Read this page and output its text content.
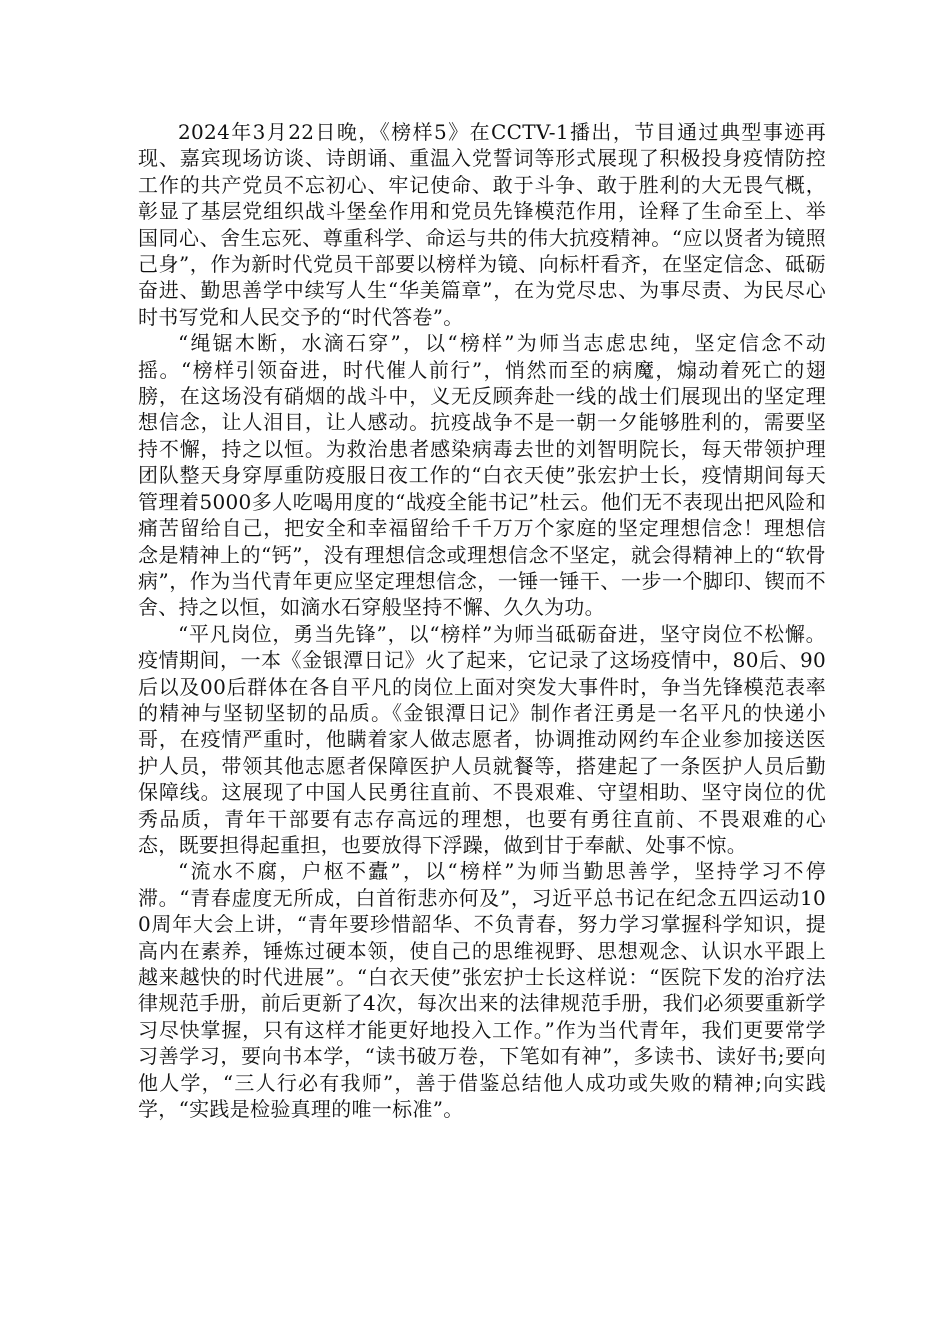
2024年3月22日晚，《榜样5》在CCTV-1播出，节目通过典型事迹再现、嘉宾现场访谈、诗朗诵、重温入党誓词等形式展现了积极投身疫情防控工作的共产党员不忘初心、牢记使命、敢于斗争、敢于胜利的大无畏气概，彰显了基层党组织战斗堡垒作用和党员先锋模范作用，诠释了生命至上、举国同心、舍生忘死、尊重科学、命运与共的伟大抗疫精神。“应以贤者为镜照己身”，作为新时代党员干部要以榜样为镜、向标杆看齐，在坚定信念、砥砺奋进、勤思善学中续写人生“华美篇章”，在为党尽忠、为事尽责、为民尽心时书写党和人民交予的“时代答卷”。

“绳锯木断，水滴石穿”，以“榜样”为师当志虑忠纯，坚定信念不动摇。“榜样引领奋进，时代催人前行”，悄然而至的病魔，煽动着死亡的翅膀，在这场没有硝烟的战斗中，义无反顾奔赴一线的战士们展现出的坚定理想信念，让人泪目，让人感动。抗疫战争不是一朝一夕能够胜利的，需要坚持不懈，持之以恒。为救治患者感染病毒去世的刘智明院长，每天带领护理团队整天身穿厚重防疫服日夜工作的“白衣天使”张宏护士长，疫情期间每天管理着5000多人吃喝用度的“战疫全能书记”杜云。他们无不表现出把风险和痛苦留给自己，把安全和幸福留给千千万万个家庭的坚定理想信念！理想信念是精神上的“钙”，没有理想信念或理想信念不坚定，就会得精神上的“软骨病”，作为当代青年更应坚定理想信念，一锤一锤干、一步一个脚印、锲而不舍、持之以恒，如滴水石穿般坚持不懈、久久为功。

“平凡岗位，勇当先锋”，以“榜样”为师当砥砺奋进，坚守岗位不松懈。疫情期间，一本《金银潭日记》火了起来，它记录了这场疫情中，80后、90后以及00后群体在各自平凡的岗位上面对突发大事件时，争当先锋模范表率的精神与坚韧坚韧的品质。《金银潭日记》制作者汪勇是一名平凡的快递小哥，在疫情严重时，他瞒着家人做志愿者，协调推动网约车企业参加接送医护人员，带领其他志愿者保障医护人员就餐等，搭建起了一条医护人员后勤保障线。这展现了中国人民勇往直前、不畏艰难、守望相助、坚守岗位的优秀品质，青年干部要有志存高远的理想，也要有勇往直前、不畏艰难的心态，既要担得起重担，也要放得下浮躁，做到甘于奉献、处事不惊。

“流水不腐，户枢不蠹”，以“榜样”为师当勤思善学，坚持学习不停滞。“青春虚度无所成，白首衔悲亦何及”，习近平总书记在纪念五四运动100周年大会上讲，“青年要珍惜韶华、不负青春，努力学习掌握科学知识，提高内在素养，锤炼过硬本领，使自己的思维视野、思想观念、认识水平跟上越来越快的时代进展”。“白衣天使”张宏护士长这样说：“医院下发的治疗法律规范手册，前后更新了4次，每次出来的法律规范手册，我们必须要重新学习尽快掌握，只有这样才能更好地投入工作。”作为当代青年，我们更要常学习善学习，要向书本学，“读书破万卷，下笔如有神”，多读书、读好书;要向他人学，“三人行必有我师”，善于借鉴总结他人成功或失败的精神;向实践学，“实践是检验真理的唯一标准”。
